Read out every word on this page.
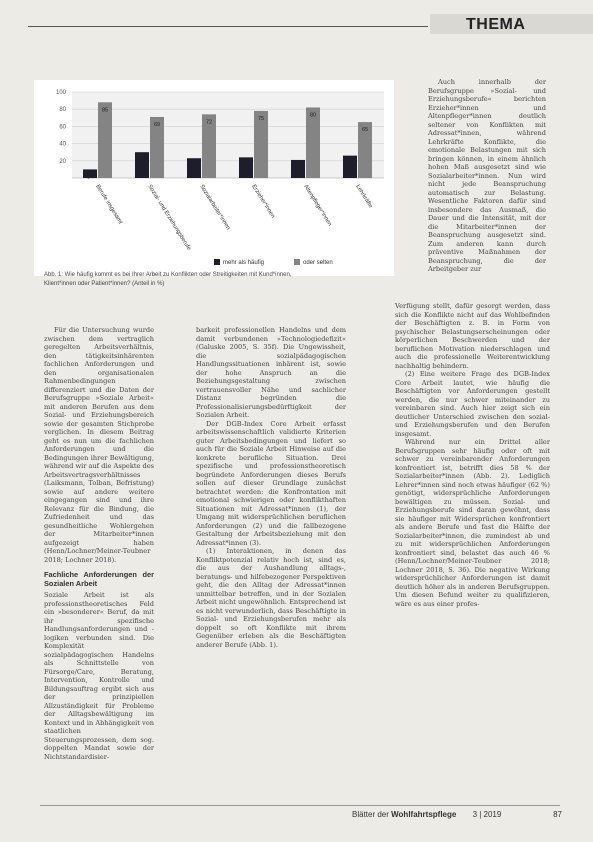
THEMA
14
85
28
69
29
72
25
75
20
80
31
65
100
80
60
40
20
Berufe insgesamt	Sozial- und Erziehungsberufe Sozialarbeiter*innen	Erzieher*innen	Altenpfleger*innen	Lehrkräfte
mehr als häufig	oder selten
Abb. 1: Wie häufig kommt es bei Ihrer Arbeit zu Konflikten oder Streitigkeiten mit Kund*innen,
Klient*innen oder Patient*innen? (Anteil in %)

Für die Untersuchung wurde zwischen dem vertraglich geregelten Arbeitsverhältnis, den tätigkeitsinhärenten fachlichen Anforderungen und den organisationalen Rahmenbedingungen differenziert und die Daten der Berufsgruppe »Soziale Arbeit« mit anderen Berufen aus dem Sozial- und Erziehungsbereich sowie der gesamten Stichprobe verglichen. In diesem Beitrag geht es nun um die fachlichen Anforderungen und die Bedingungen ihrer Bewältigung, während wir auf die Aspekte des Arbeitsvertragsverhältnisses (Laiksmann, Tolban, Befristung) sowie auf andere weitere eingegangen sind und ihre Relevanz für die Bindung, die Zufriedenheit und das gesundheitliche Wohlergehen der Mitarbeiter*innen aufgezeigt haben (Henn/Lochner/Meiner-Teubner 2018; Lochner 2018).

Fachliche Anforderungen der Sozialen Arbeit

Soziale Arbeit ist als professionstheoretisches Feld ein »besonderer« Beruf, da mit ihr spezifische Handlungsanforderungen und -logiken verbunden sind. Die Komplexität sozialpädagogischen Handelns als Schnittstelle von Fürsorge/Care, Beratung, Intervention, Kontrolle und Bildungsauftrag ergibt sich aus der prinzipiellen Allzuständigkeit für Probleme der Alltagsbewältigung im Kontext und in Abhängigkeit von staatlichen Steuerungsprozessen, dem sog. doppelten Mandat sowie der Nichtstandardisier-

barkeit professionellen Handelns und dem damit verbundenen »Technologiedefizit« (Galuske 2005, S. 35f). Die Ungewissheit, die sozialpädagogischen Handlungssituationen inhärent ist, sowie der hohe Anspruch an die Beziehungsgestaltung zwischen vertrauensvoller Nähe und sachlicher Distanz begründen die Professionalisierungsbedürftigkeit der Sozialen Arbeit.

Der DGB-Index Core Arbeit erfasst arbeitswissenschaftlich validierte Kriterien guter Arbeitsbedingungen und liefert so auch für die Soziale Arbeit Hinweise auf die konkrete berufliche Situation. Drei spezifische und professionstheoretisch begründete Anforderungen dieses Berufs sollen auf dieser Grundlage zunächst betrachtet werden: die Konfrontation mit emotional schwierigen oder konflikthaften Situationen mit Adressat*innen (1), der Umgang mit widersprüchlichen beruflichen Anforderungen (2) und die fallbezogene Gestaltung der Arbeitsbeziehung mit den Adressat*innen (3).

(1) Interaktionen, in denen das Konfliktpotenzial relativ hoch ist, sind es, die aus der Aushandlung alltags-, beratungs- und hilfebezogener Perspektiven geht, die den Alltag der Adressat*innen unmittelbar betreffen, und in der Sozialen Arbeit nicht ungewöhnlich. Entsprechend ist es nicht verwunderlich, dass Beschäftigte in Sozial- und Erziehungsberufen mehr als doppelt so oft Konflikte mit ihrem Gegenüber erleben als die Beschäftigten anderer Berufe (Abb. 1).

Auch innerhalb der Berufsgruppe »Sozial- und Erziehungsberufe« berichten Erzieher*innen und Altenpfleger*innen deutlich seltener von Konflikten mit Adressat*innen, während Lehrkräfte Konflikte, die emotionale Belastungen mit sich bringen können, in einem ähnlich hohen Maß ausgesetzt sind wie Sozialarbeiter*innen. Nun wird nicht jede Beanspruchung automatisch zur Belastung. Wesentliche Faktoren dafür sind insbesondere das Ausmaß, die Dauer und die Intensität, mit der die Mitarbeiter*innen der Beanspruchung ausgesetzt sind. Zum anderen kann durch präventive Maßnahmen der Beanspruchung, die der Arbeitgeber zur

Verfügung stellt, dafür gesorgt werden, dass sich die Konflikte nicht auf das Wohlbefinden der Beschäftigten z. B. in Form von psychischer Belastungserscheinungen oder körperlichen Beschwerden und der beruflichen Motivation niederschlagen und auch die professionelle Weiterentwicklung nachhaltig behindern.

(2) Eine weitere Frage des DGB-Index Core Arbeit lautet, wie häufig die Beschäftigten vor Anforderungen gestellt werden, die nur schwer miteinander zu vereinbaren sind. Auch hier zeigt sich ein deutlicher Unterschied zwischen den sozial- und Erziehungsberufen und den Berufen insgesamt.

Während nur ein Drittel aller Berufsgruppen sehr häufig oder oft mit schwer zu vereinbarender Anforderungen konfrontiert ist, betrifft dies 58 % der Sozialarbeiter*innen (Abb. 2). Lediglich Lehrer*innen sind noch etwas häufiger (62 %) genötigt, widersprüchliche Anforderungen bewältigen zu müssen. Sozial- und Erziehungsberufe sind daran gewöhnt, dass sie häufiger mit Widersprüchen konfrontiert als andere Berufe und fast die Hälfte der Sozialarbeiter*innen, die zumindest ab und zu mit widersprüchlichen Anforderungen konfrontiert sind, belastet das auch 46 % (Henn/Lochner/Meiner-Teubner 2018; Lochner 2018, S. 36). Die negative Wirkung widersprüchlicher Anforderungen ist damit deutlich höher als in anderen Berufsgruppen. Um diesen Befund weiter zu qualifizieren, wäre es aus einer profes-

Blätter der Wohlfahrtspflege 3 | 2019	87
